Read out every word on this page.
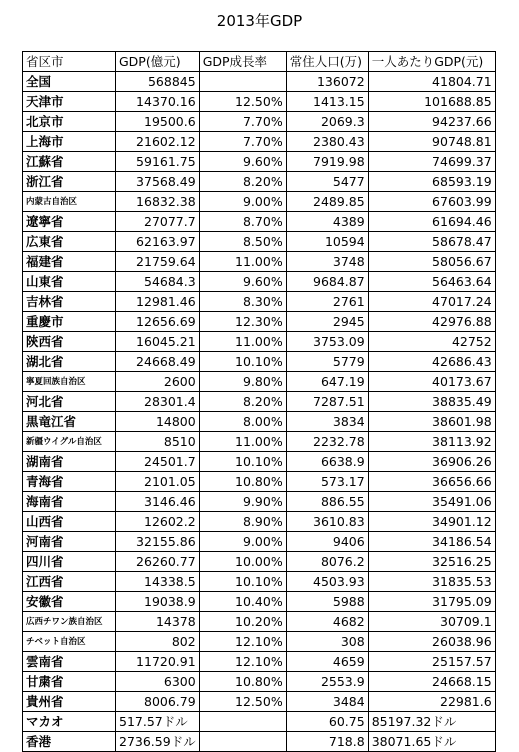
2013年GDP
省区市	GDP(億元)	GDP成長率	常住人口(万)	一人あたりGDP(元)
全国	568845		136072	41804.71
天津市	14370.16	12.50%	1413.15	101688.85
北京市	19500.6	7.70%	2069.3	94237.66
上海市	21602.12	7.70%	2380.43	90748.81
江蘇省	59161.75	9.60%	7919.98	74699.37
浙江省	37568.49	8.20%	5477	68593.19
内蒙古自治区	16832.38	9.00%	2489.85	67603.99
遼寧省	27077.7	8.70%	4389	61694.46
広東省	62163.97	8.50%	10594	58678.47
福建省	21759.64	11.00%	3748	58056.67
山東省	54684.3	9.60%	9684.87	56463.64
吉林省	12981.46	8.30%	2761	47017.24
重慶市	12656.69	12.30%	2945	42976.88
陝西省	16045.21	11.00%	3753.09	42752
湖北省	24668.49	10.10%	5779	42686.43
寧夏回族自治区	2600	9.80%	647.19	40173.67
河北省	28301.4	8.20%	7287.51	38835.49
黒竜江省	14800	8.00%	3834	38601.98
新疆ウイグル自治区	8510	11.00%	2232.78	38113.92
湖南省	24501.7	10.10%	6638.9	36906.26
青海省	2101.05	10.80%	573.17	36656.66
海南省	3146.46	9.90%	886.55	35491.06
山西省	12602.2	8.90%	3610.83	34901.12
河南省	32155.86	9.00%	9406	34186.54
四川省	26260.77	10.00%	8076.2	32516.25
江西省	14338.5	10.10%	4503.93	31835.53
安徽省	19038.9	10.40%	5988	31795.09
広西チワン族自治区	14378	10.20%	4682	30709.1
チベット自治区	802	12.10%	308	26038.96
雲南省	11720.91	12.10%	4659	25157.57
甘粛省	6300	10.80%	2553.9	24668.15
貴州省	8006.79	12.50%	3484	22981.6
マカオ	517.57ドル		60.75	85197.32ドル
香港	2736.59ドル		718.8	38071.65ドル
